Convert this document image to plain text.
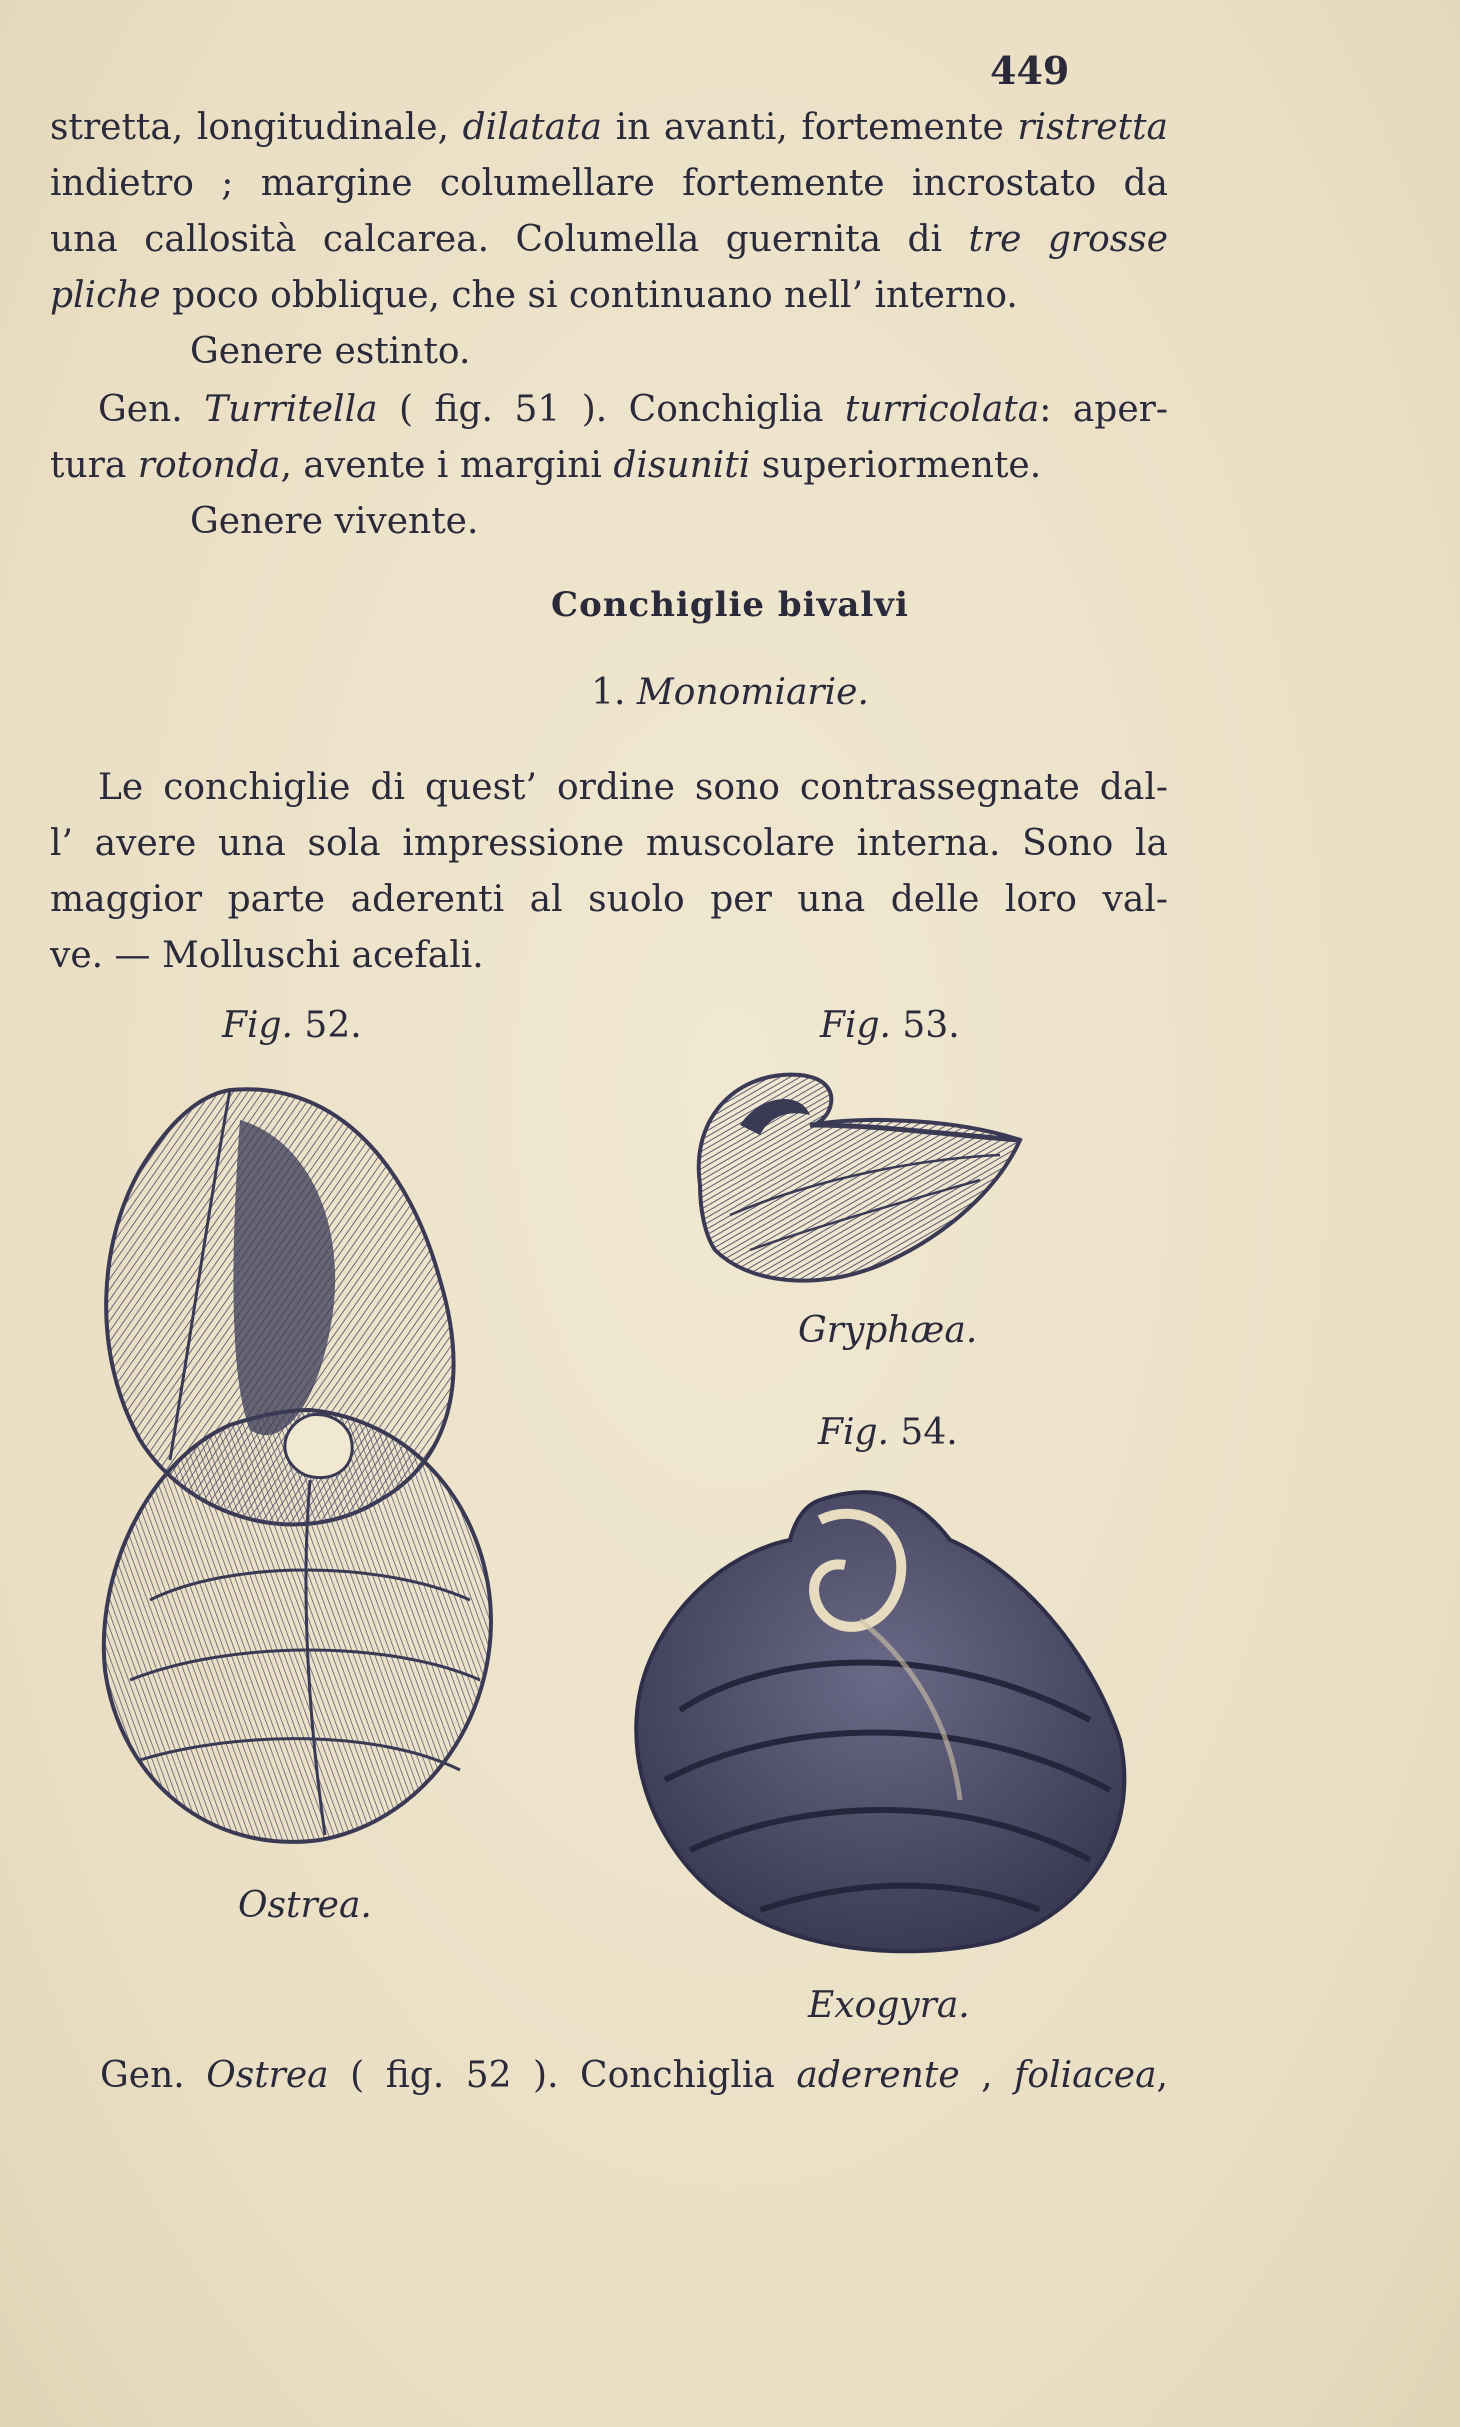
449
stretta, longitudinale, dilatata in avanti, fortemente ristretta
indietro ; margine columellare fortemente incrostato da
una callosità calcarea. Columella guernita di tre grosse
pliche poco obblique, che si continuano nell’ interno.
Genere estinto.
Gen. Turritella ( fig. 51 ). Conchiglia turricolata: aper-
tura rotonda, avente i margini disuniti superiormente.
Genere vivente.
Conchiglie bivalvi
1. Monomiarie.
Le conchiglie di quest’ ordine sono contrassegnate dal-
l’ avere una sola impressione muscolare interna. Sono la
maggior parte aderenti al suolo per una delle loro val-
ve. — Molluschi acefali.
Fig. 52.	Fig. 53.
Fig. 54.
Ostrea.
Gryphæa.
Exogyra.
Gen. Ostrea ( fig. 52 ). Conchiglia aderente , foliacea,
